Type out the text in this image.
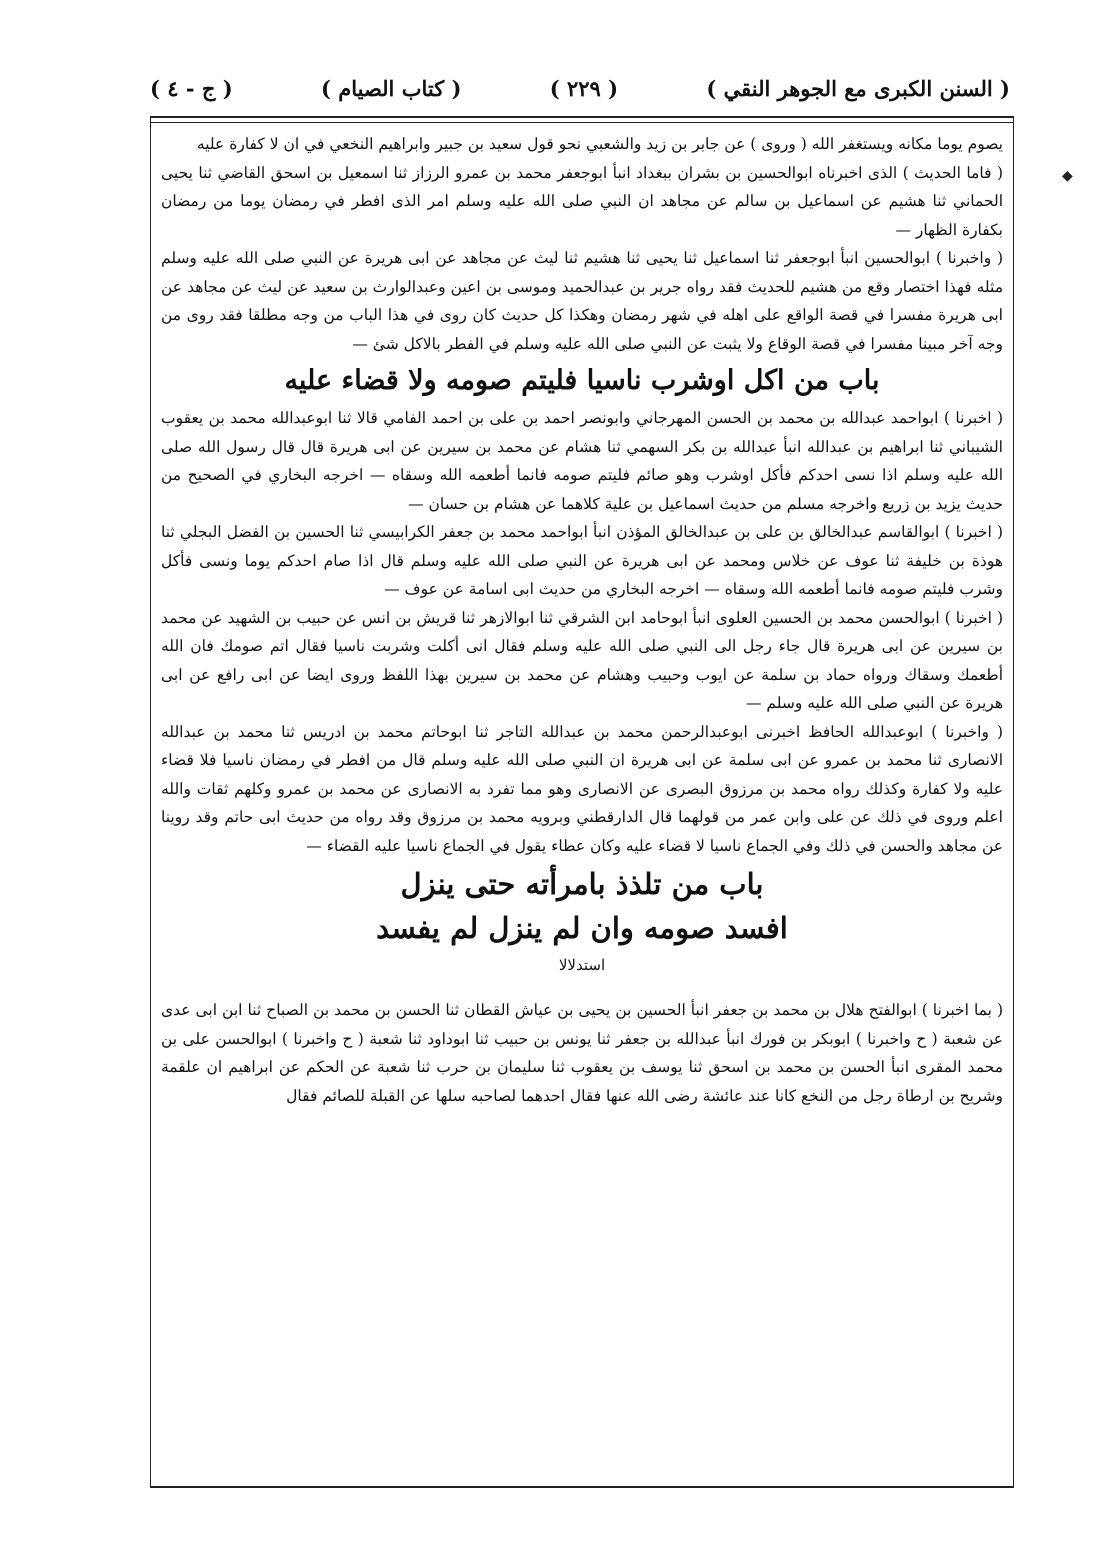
( السنن الكبرى مع الجوهر النقي )
( ٢٢٩ )
( كتاب الصيام )
( ج - ٤ )
◆

يصوم يوما مكانه ويستغفر الله ( وروى ) عن جابر بن زيد والشعبي نحو قول سعيد بن جبير وابراهيم النخعي في ان لا كفارة عليه

( فاما الحديث ) الذى اخبرناه ابوالحسين بن بشران ببغداد انبأ ابوجعفر محمد بن عمرو الرزاز ثنا اسمعيل بن اسحق القاضي ثنا يحيى الحماني ثنا هشيم عن اسماعيل بن سالم عن مجاهد ان النبي صلى الله عليه وسلم امر الذى افطر في رمضان يوما من رمضان بكفارة الظهار —

( واخبرنا ) ابوالحسين انبأ ابوجعفر ثنا اسماعيل ثنا يحيى ثنا هشيم ثنا ليث عن مجاهد عن ابى هريرة عن النبي صلى الله عليه وسلم مثله فهذا اختصار وقع من هشيم للحديث فقد رواه جرير بن عبدالحميد وموسى بن اعين وعبدالوارث بن سعيد عن ليث عن مجاهد عن ابى هريرة مفسرا في قصة الواقع على اهله في شهر رمضان وهكذا كل حديث كان روى في هذا الباب من وجه مطلقا فقد روى من وجه آخر مبينا مفسرا في قصة الوقاع ولا يثبت عن النبي صلى الله عليه وسلم في الفطر بالاكل شئ —

باب من اكل اوشرب ناسيا فليتم صومه ولا قضاء عليه

( اخبرنا ) ابواحمد عبدالله بن محمد بن الحسن المهرجاني وابونصر احمد بن على بن احمد الفامي قالا ثنا ابوعبدالله محمد بن يعقوب الشيباني ثنا ابراهيم بن عبدالله انبأ عبدالله بن بكر السهمي ثنا هشام عن محمد بن سيرين عن ابى هريرة قال قال رسول الله صلى الله عليه وسلم اذا نسى احدكم فأكل اوشرب وهو صائم فليتم صومه فانما أطعمه الله وسقاه — اخرجه البخاري في الصحيح من حديث يزيد بن زريع واخرجه مسلم من حديث اسماعيل بن علية كلاهما عن هشام بن حسان —

( اخبرنا ) ابوالقاسم عبدالخالق بن على بن عبدالخالق المؤذن انبأ ابواحمد محمد بن جعفر الكرابيسي ثنا الحسين بن الفضل البجلي ثنا هوذة بن خليفة ثنا عوف عن خلاس ومحمد عن ابى هريرة عن النبي صلى الله عليه وسلم قال اذا صام احدكم يوما ونسى فأكل وشرب فليتم صومه فانما أطعمه الله وسقاه — اخرجه البخاري من حديث ابى اسامة عن عوف —

( اخبرنا ) ابوالحسن محمد بن الحسين العلوى انبأ ابوحامد ابن الشرقي ثنا ابوالازهر ثنا قريش بن انس عن حبيب بن الشهيد عن محمد بن سيرين عن ابى هريرة قال جاء رجل الى النبي صلى الله عليه وسلم فقال انى أكلت وشربت ناسيا فقال اتم صومك فان الله أطعمك وسقاك ورواه حماد بن سلمة عن ايوب وحبيب وهشام عن محمد بن سيرين بهذا اللفظ وروى ايضا عن ابى رافع عن ابى هريرة عن النبي صلى الله عليه وسلم —

( واخبرنا ) ابوعبدالله الحافظ اخبرنى ابوعبدالرحمن محمد بن عبدالله التاجر ثنا ابوحاتم محمد بن ادريس ثنا محمد بن عبدالله الانصارى ثنا محمد بن عمرو عن ابى سلمة عن ابى هريرة ان النبي صلى الله عليه وسلم قال من افطر في رمضان ناسيا فلا قضاء عليه ولا كفارة وكذلك رواه محمد بن مرزوق البصرى عن الانصارى وهو مما تفرد به الانصارى عن محمد بن عمرو وكلهم ثقات والله اعلم وروى في ذلك عن على وابن عمر من قولهما قال الدارقطني وبرويه محمد بن مرزوق وقد رواه من حديث ابى حاتم وقد روينا عن مجاهد والحسن في ذلك وفي الجماع ناسيا لا قضاء عليه وكان عطاء يقول في الجماع ناسيا عليه القضاء —

باب من تلذذ بامرأته حتى ينزل
افسد صومه وان لم ينزل لم يفسد
استدلالا

( بما اخبرنا ) ابوالفتح هلال بن محمد بن جعفر انبأ الحسين بن يحيى بن عياش القطان ثنا الحسن بن محمد بن الصباح ثنا ابن ابى عدى عن شعبة ( ح واخبرنا ) ابوبكر بن فورك انبأ عبدالله بن جعفر ثنا يونس بن حبيب ثنا ابوداود ثنا شعبة ( ح واخبرنا ) ابوالحسن على بن محمد المقرى انبأ الحسن بن محمد بن اسحق ثنا يوسف بن يعقوب ثنا سليمان بن حرب ثنا شعبة عن الحكم عن ابراهيم ان علقمة وشريح بن ارطاة رجل من النخع كانا عند عائشة رضى الله عنها فقال احدهما لصاحبه سلها عن القبلة للصائم فقال
